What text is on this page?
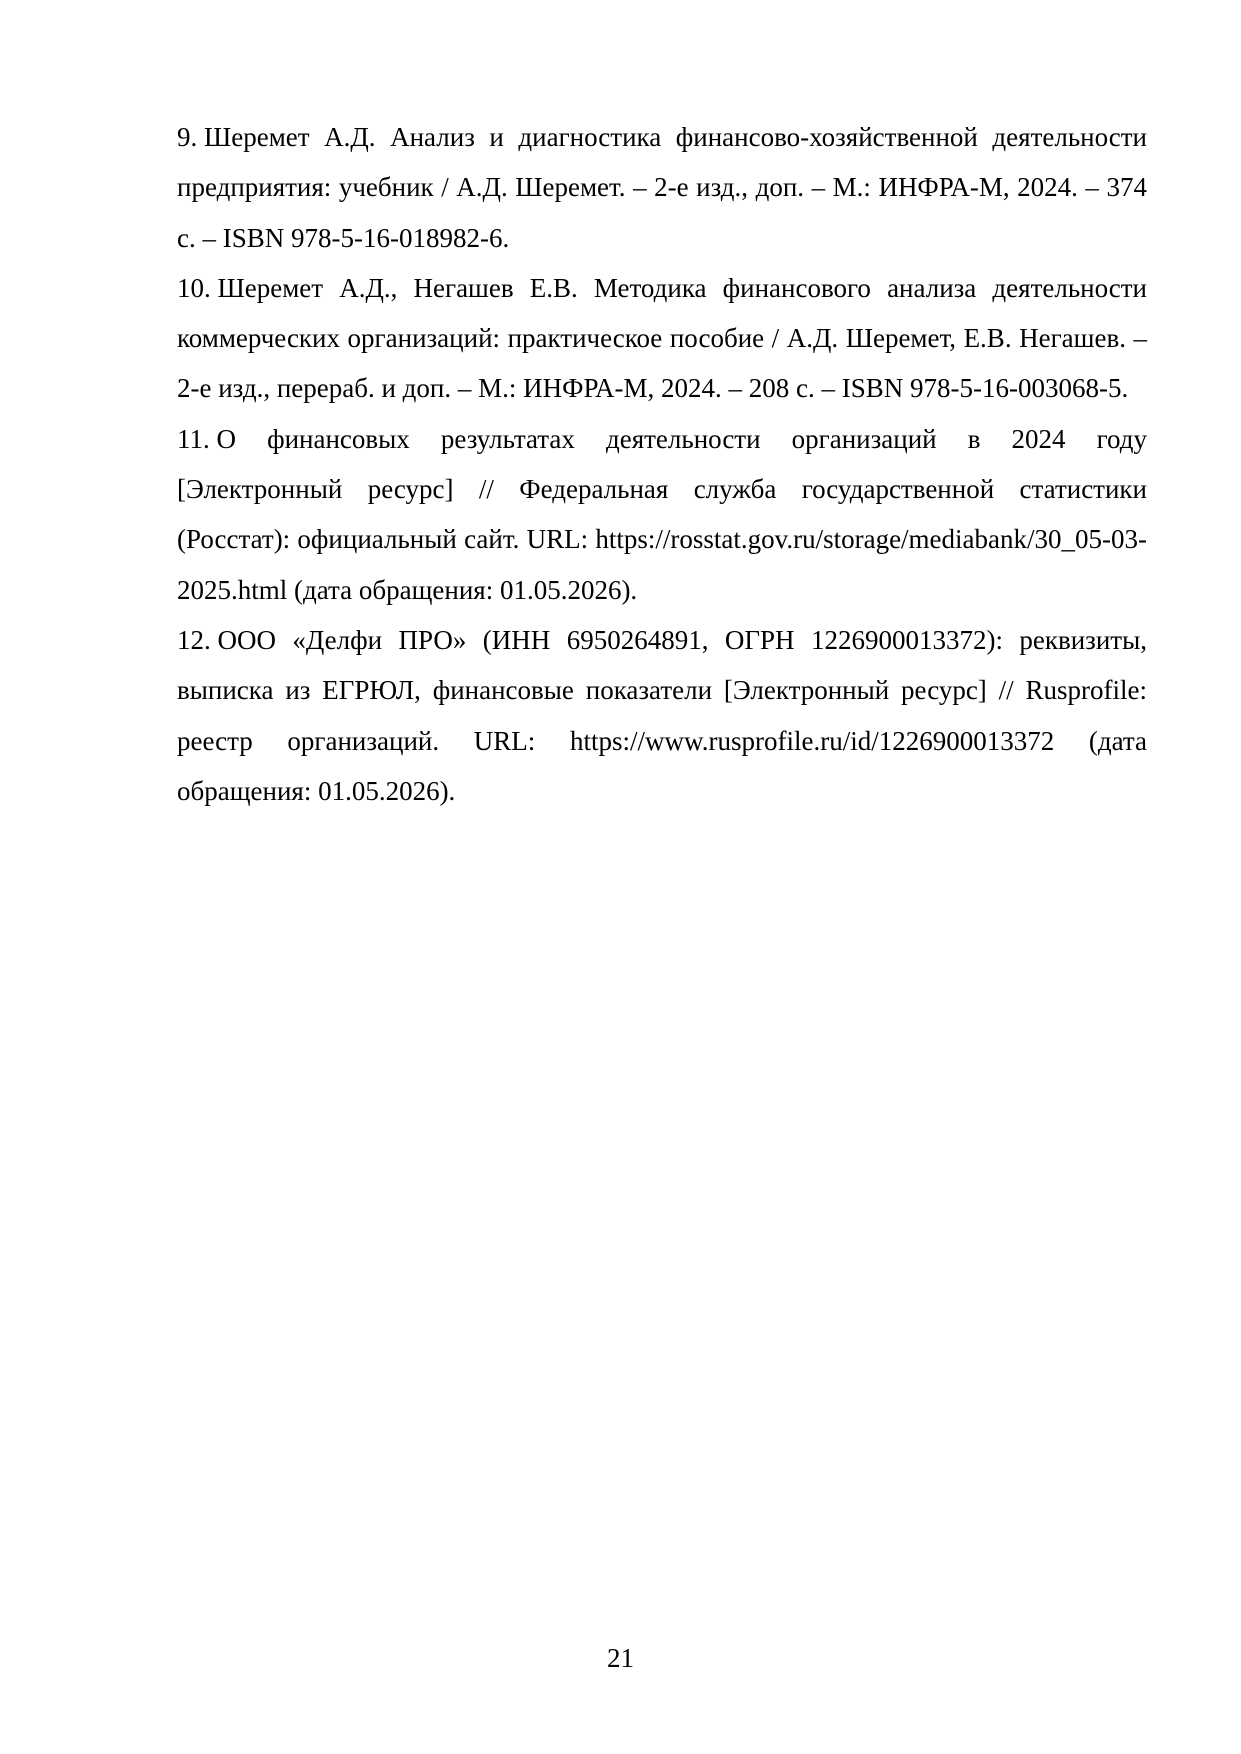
9. Шеремет А.Д. Анализ и диагностика финансово-хозяйственной деятельности предприятия: учебник / А.Д. Шеремет. – 2-е изд., доп. – М.: ИНФРА-М, 2024. – 374 с. – ISBN 978-5-16-018982-6.
10. Шеремет А.Д., Негашев Е.В. Методика финансового анализа деятельности коммерческих организаций: практическое пособие / А.Д. Шеремет, Е.В. Негашев. – 2-е изд., перераб. и доп. – М.: ИНФРА-М, 2024. – 208 с. – ISBN 978-5-16-003068-5.
11. О финансовых результатах деятельности организаций в 2024 году [Электронный ресурс] // Федеральная служба государственной статистики (Росстат): официальный сайт. URL: https://rosstat.gov.ru/storage/mediabank/30_05-03-2025.html (дата обращения: 01.05.2026).
12. ООО «Делфи ПРО» (ИНН 6950264891, ОГРН 1226900013372): реквизиты, выписка из ЕГРЮЛ, финансовые показатели [Электронный ресурс] // Rusprofile: реестр организаций. URL: https://www.rusprofile.ru/id/1226900013372 (дата обращения: 01.05.2026).
21
